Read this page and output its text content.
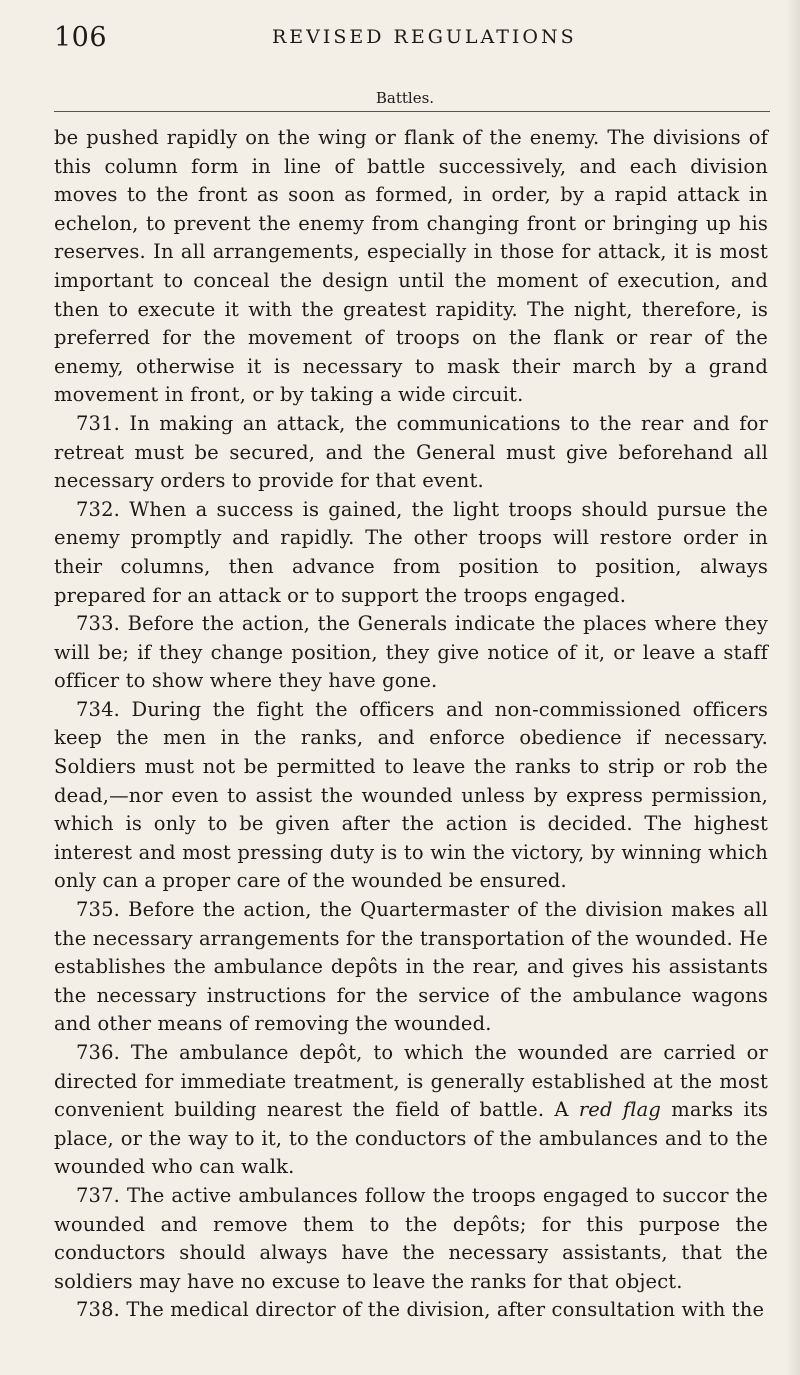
106	REVISED REGULATIONS
Battles.

be pushed rapidly on the wing or flank of the enemy. The divisions of this column form in line of battle successively, and each division moves to the front as soon as formed, in order, by a rapid attack in echelon, to prevent the enemy from changing front or bringing up his reserves. In all arrangements, especially in those for attack, it is most important to conceal the design until the moment of execution, and then to execute it with the greatest rapidity. The night, therefore, is preferred for the movement of troops on the flank or rear of the enemy, otherwise it is necessary to mask their march by a grand movement in front, or by taking a wide circuit.

731. In making an attack, the communications to the rear and for retreat must be secured, and the General must give beforehand all necessary orders to provide for that event.

732. When a success is gained, the light troops should pursue the enemy promptly and rapidly. The other troops will restore order in their columns, then advance from position to position, always prepared for an attack or to support the troops engaged.

733. Before the action, the Generals indicate the places where they will be; if they change position, they give notice of it, or leave a staff officer to show where they have gone.

734. During the fight the officers and non-commissioned officers keep the men in the ranks, and enforce obedience if necessary. Soldiers must not be permitted to leave the ranks to strip or rob the dead,—nor even to assist the wounded unless by express permission, which is only to be given after the action is decided. The highest interest and most pressing duty is to win the victory, by winning which only can a proper care of the wounded be ensured.

735. Before the action, the Quartermaster of the division makes all the necessary arrangements for the transportation of the wounded. He establishes the ambulance depôts in the rear, and gives his assistants the necessary instructions for the service of the ambulance wagons and other means of removing the wounded.

736. The ambulance depôt, to which the wounded are carried or directed for immediate treatment, is generally established at the most convenient building nearest the field of battle. A red flag marks its place, or the way to it, to the conductors of the ambulances and to the wounded who can walk.

737. The active ambulances follow the troops engaged to succor the wounded and remove them to the depôts; for this purpose the conductors should always have the necessary assistants, that the soldiers may have no excuse to leave the ranks for that object.

738. The medical director of the division, after consultation with the
